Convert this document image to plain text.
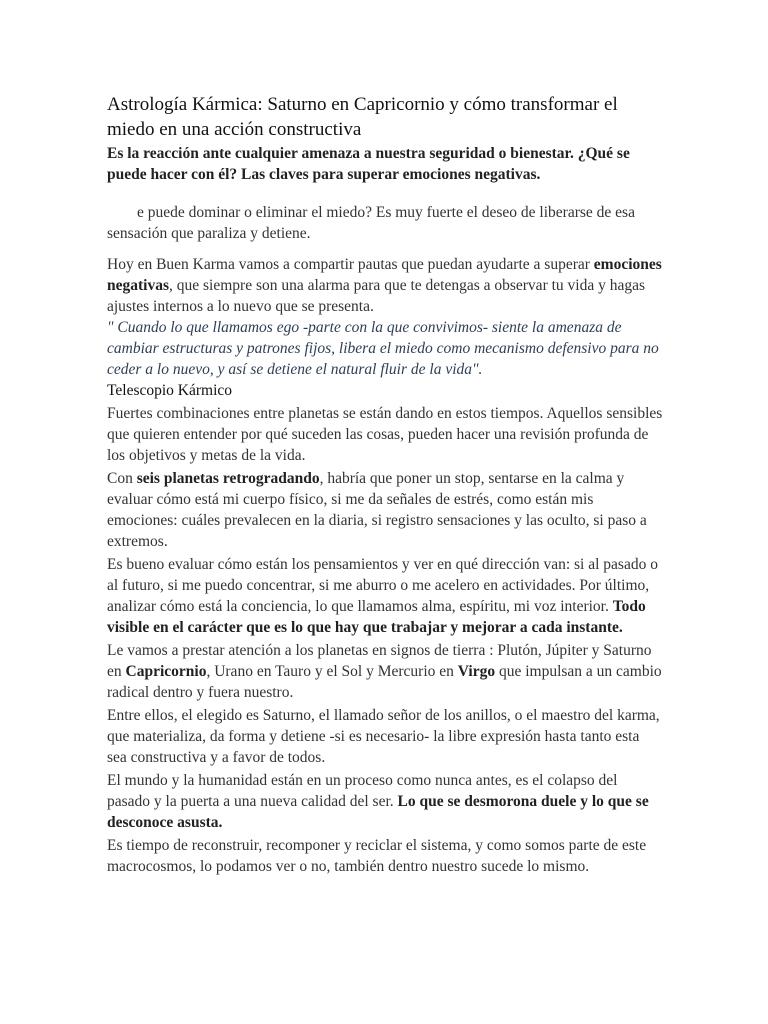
Astrología Kármica: Saturno en Capricornio y cómo transformar el miedo en una acción constructiva

Es la reacción ante cualquier amenaza a nuestra seguridad o bienestar. ¿Qué se puede hacer con él? Las claves para superar emociones negativas.

e puede dominar o eliminar el miedo? Es muy fuerte el deseo de liberarse de esa sensación que paraliza y detiene.

Hoy en Buen Karma vamos a compartir pautas que puedan ayudarte a superar emociones negativas, que siempre son una alarma para que te detengas a observar tu vida y hagas ajustes internos a lo nuevo que se presenta.

" Cuando lo que llamamos ego -parte con la que convivimos- siente la amenaza de cambiar estructuras y patrones fijos, libera el miedo como mecanismo defensivo para no ceder a lo nuevo, y así se detiene el natural fluir de la vida".

Telescopio Kármico

Fuertes combinaciones entre planetas se están dando en estos tiempos. Aquellos sensibles que quieren entender por qué suceden las cosas, pueden hacer una revisión profunda de los objetivos y metas de la vida.

Con seis planetas retrogradando, habría que poner un stop, sentarse en la calma y evaluar cómo está mi cuerpo físico, si me da señales de estrés, como están mis emociones: cuáles prevalecen en la diaria, si registro sensaciones y las oculto, si paso a extremos.

Es bueno evaluar cómo están los pensamientos y ver en qué dirección van: si al pasado o al futuro, si me puedo concentrar, si me aburro o me acelero en actividades. Por último, analizar cómo está la conciencia, lo que llamamos alma, espíritu, mi voz interior. Todo visible en el carácter que es lo que hay que trabajar y mejorar a cada instante.

Le vamos a prestar atención a los planetas en signos de tierra : Plutón, Júpiter y Saturno en Capricornio, Urano en Tauro y el Sol y Mercurio en Virgo que impulsan a un cambio radical dentro y fuera nuestro.

Entre ellos, el elegido es Saturno, el llamado señor de los anillos, o el maestro del karma, que materializa, da forma y detiene -si es necesario- la libre expresión hasta tanto esta sea constructiva y a favor de todos.

El mundo y la humanidad están en un proceso como nunca antes, es el colapso del pasado y la puerta a una nueva calidad del ser. Lo que se desmorona duele y lo que se desconoce asusta.

Es tiempo de reconstruir, recomponer y reciclar el sistema, y como somos parte de este macrocosmos, lo podamos ver o no, también dentro nuestro sucede lo mismo.
